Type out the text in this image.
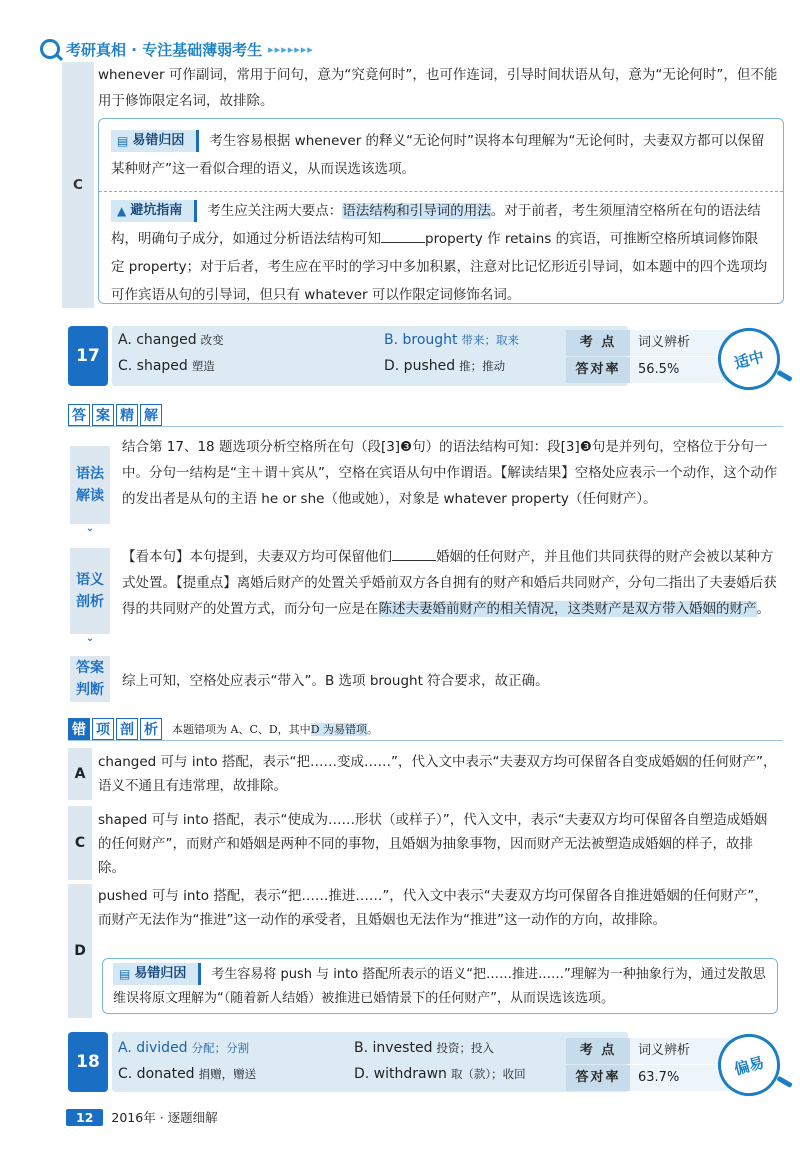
考研真相 · 专注基础薄弱考生 ▸▸▸▸▸▸▸
C
whenever 可作副词，常用于问句，意为“究竟何时”，也可作连词，引导时间状语从句，意为“无论何时”，但不能用于修饰限定名词，故排除。
▤ 易错归因 考生容易根据 whenever 的释义“无论何时”误将本句理解为“无论何时，夫妻双方都可以保留某种财产”这一看似合理的语义，从而误选该选项。
▲ 避坑指南 考生应关注两大要点：语法结构和引导词的用法。对于前者，考生须厘清空格所在句的语法结构，明确句子成分，如通过分析语法结构可知	property 作 retains 的宾语，可推断空格所填词修饰限定 property；对于后者，考生应在平时的学习中多加积累，注意对比记忆形近引导词，如本题中的四个选项均可作宾语从句的引导词，但只有 whatever 可以作限定词修饰名词。
17
A. changed 改变	B. brought 带来；取来
C. shaped 塑造	D. pushed 推；推动
考 点	词义辨析
答对率	56.5%	适中
答 案 精 解
语法
解读
⌄
结合第 17、18 题选项分析空格所在句（段[3]❸句）的语法结构可知：段[3]❸句是并列句，空格位于分句一中。分句一结构是“主＋谓＋宾从”，空格在宾语从句中作谓语。【解读结果】空格处应表示一个动作，这个动作的发出者是从句的主语 he or she（他或她），对象是 whatever property（任何财产）。
语义
剖析
⌄
【看本句】本句提到，夫妻双方均可保留他们	婚姻的任何财产，并且他们共同获得的财产会被以某种方式处置。【提重点】离婚后财产的处置关乎婚前双方各自拥有的财产和婚后共同财产，分句二指出了夫妻婚后获得的共同财产的处置方式，而分句一应是在陈述夫妻婚前财产的相关情况，这类财产是双方带入婚姻的财产。
答案
判断
综上可知，空格处应表示“带入”。B 选项 brought 符合要求，故正确。
错 项 剖 析	本题错项为 A、C、D，其中D 为易错项。
A
changed 可与 into 搭配，表示“把……变成……”，代入文中表示“夫妻双方均可保留各自变成婚姻的任何财产”，语义不通且有违常理，故排除。
C
shaped 可与 into 搭配，表示“使成为……形状（或样子）”，代入文中，表示“夫妻双方均可保留各自塑造成婚姻的任何财产”，而财产和婚姻是两种不同的事物，且婚姻为抽象事物，因而财产无法被塑造成婚姻的样子，故排除。
D
pushed 可与 into 搭配，表示“把……推进……”，代入文中表示“夫妻双方均可保留各自推进婚姻的任何财产”，而财产无法作为“推进”这一动作的承受者，且婚姻也无法作为“推进”这一动作的方向，故排除。
▤ 易错归因 考生容易将 push 与 into 搭配所表示的语义“把……推进……”理解为一种抽象行为，通过发散思维误将原文理解为“（随着新人结婚）被推进已婚情景下的任何财产”，从而误选该选项。
18
A. divided 分配；分割	B. invested 投资；投入
C. donated 捐赠，赠送	D. withdrawn 取（款）；收回
考 点	词义辨析
答对率	63.7%	偏易
12	2016年 · 逐题细解
